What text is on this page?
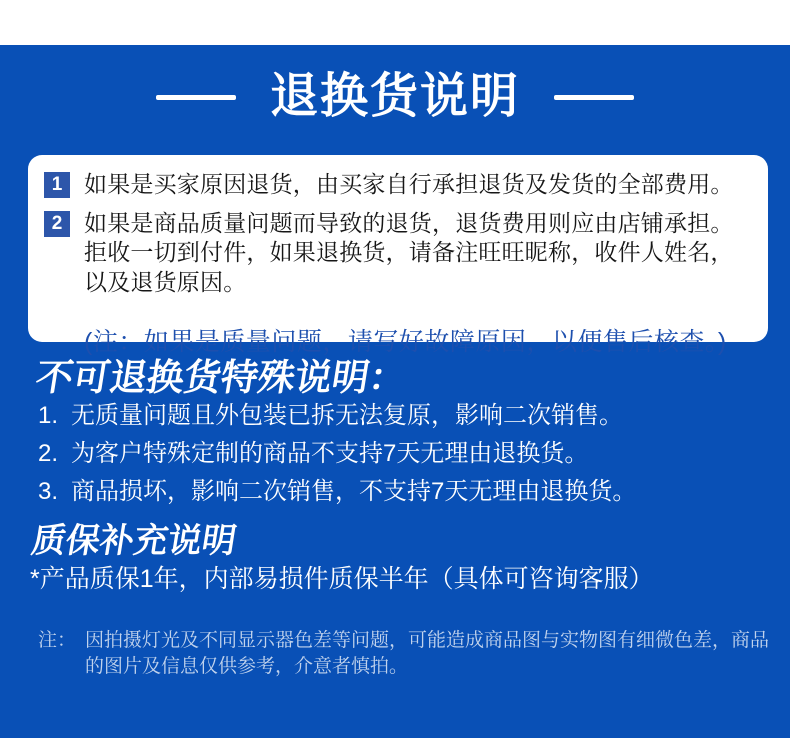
退换货说明
1 如果是买家原因退货，由买家自行承担退货及发货的全部费用。

2 如果是商品质量问题而导致的退货，退货费用则应由店铺承担。拒收一切到付件，如果退换货，请备注旺旺昵称，收件人姓名，以及退货原因。

(注：如果是质量问题，请写好故障原因，以便售后核查。)

不可退换货特殊说明：
1. 无质量问题且外包装已拆无法复原，影响二次销售。
2. 为客户特殊定制的商品不支持7天无理由退换货。
3. 商品损坏，影响二次销售，不支持7天无理由退换货。
质保补充说明

*产品质保1年，内部易损件质保半年（具体可咨询客服）

注： 因拍摄灯光及不同显示器色差等问题，可能造成商品图与实物图有细微色差，商品的图片及信息仅供参考，介意者慎拍。
